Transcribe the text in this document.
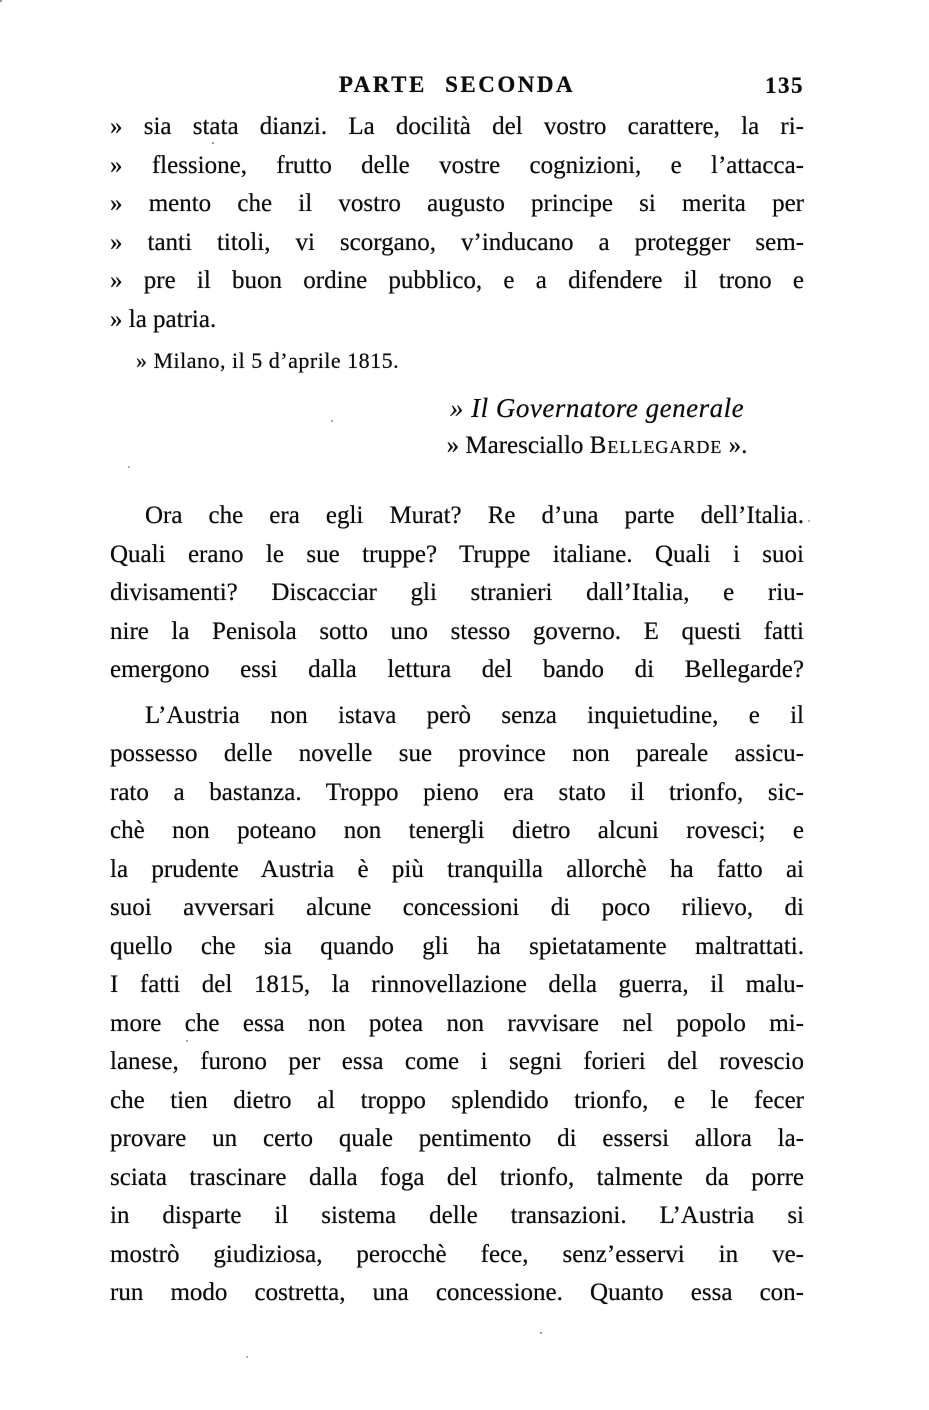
PARTE SECONDA	135
» sia stata dianzi. La docilità del vostro carattere, la ri-
» flessione, frutto delle vostre cognizioni, e l’attacca-
» mento che il vostro augusto principe si merita per
» tanti titoli, vi scorgano, v’inducano a protegger sem-
» pre il buon ordine pubblico, e a difendere il trono e
» la patria.
» Milano, il 5 d’aprile 1815.
» Il Governatore generale
» Maresciallo Bellegarde ».
Ora che era egli Murat? Re d’una parte dell’Italia.
Quali erano le sue truppe? Truppe italiane. Quali i suoi
divisamenti? Discacciar gli stranieri dall’Italia, e riu-
nire la Penisola sotto uno stesso governo. E questi fatti
emergono essi dalla lettura del bando di Bellegarde?
L’Austria non istava però senza inquietudine, e il
possesso delle novelle sue province non pareale assicu-
rato a bastanza. Troppo pieno era stato il trionfo, sic-
chè non poteano non tenergli dietro alcuni rovesci; e
la prudente Austria è più tranquilla allorchè ha fatto ai
suoi avversari alcune concessioni di poco rilievo, di
quello che sia quando gli ha spietatamente maltrattati.
I fatti del 1815, la rinnovellazione della guerra, il malu-
more che essa non potea non ravvisare nel popolo mi-
lanese, furono per essa come i segni forieri del rovescio
che tien dietro al troppo splendido trionfo, e le fecer
provare un certo quale pentimento di essersi allora la-
sciata trascinare dalla foga del trionfo, talmente da porre
in disparte il sistema delle transazioni. L’Austria si
mostrò giudiziosa, perocchè fece, senz’esservi in ve-
run modo costretta, una concessione. Quanto essa con-
